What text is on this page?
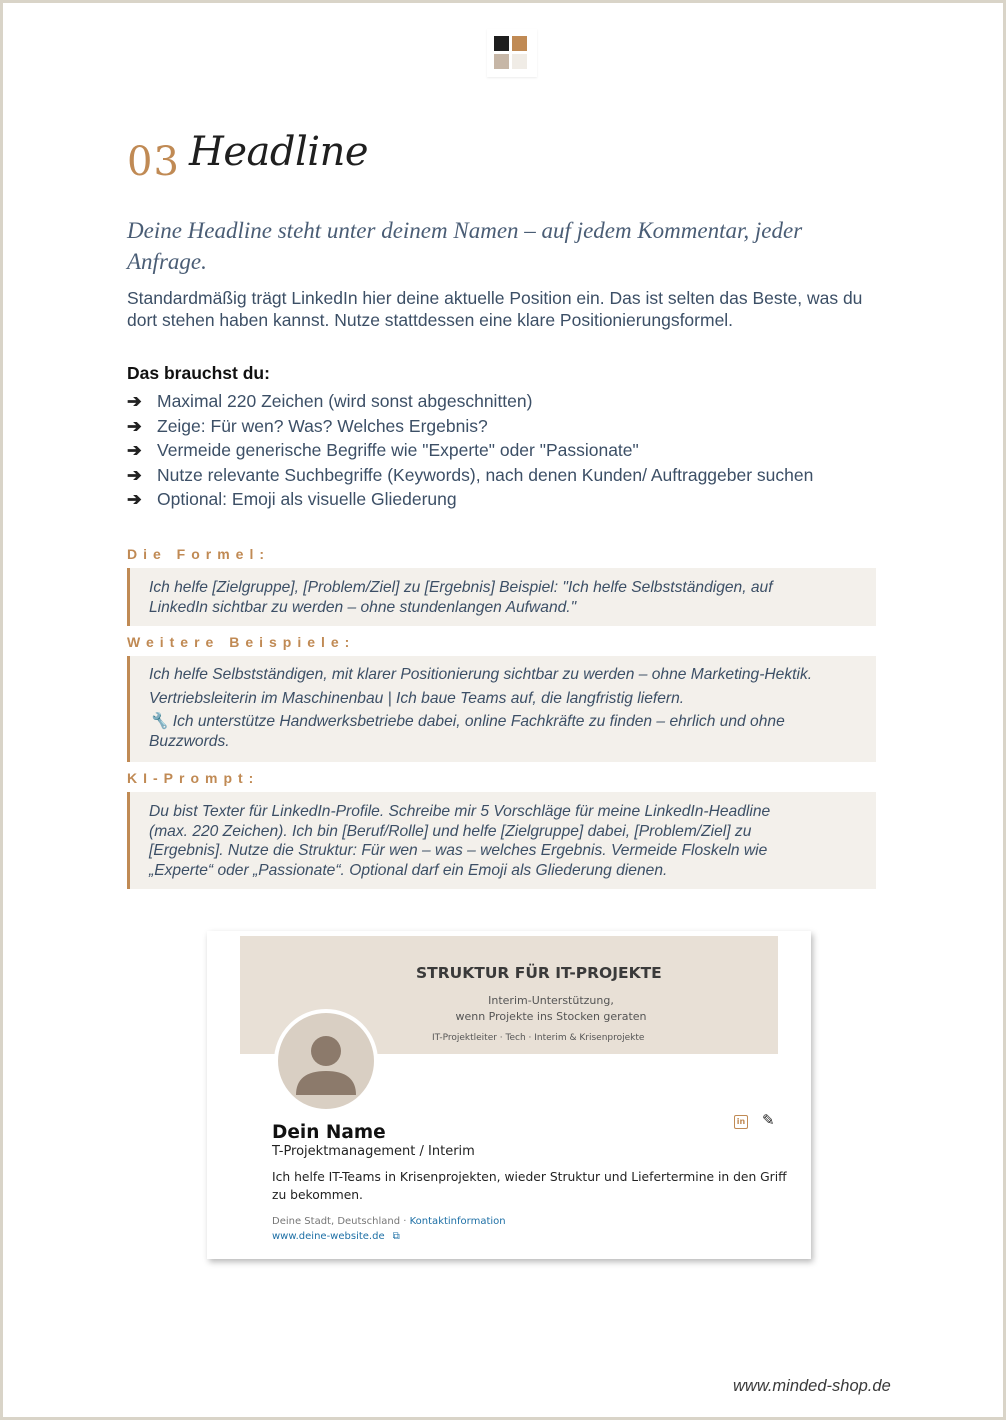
03 Headline
Deine Headline steht unter deinem Namen – auf jedem Kommentar, jeder Anfrage.
Standardmäßig trägt LinkedIn hier deine aktuelle Position ein. Das ist selten das Beste, was du dort stehen haben kannst. Nutze stattdessen eine klare Positionierungsformel.
Das brauchst du:
➔ Maximal 220 Zeichen (wird sonst abgeschnitten)
➔ Zeige: Für wen? Was? Welches Ergebnis?
➔ Vermeide generische Begriffe wie "Experte" oder "Passionate"
➔ Nutze relevante Suchbegriffe (Keywords), nach denen Kunden/ Auftraggeber suchen
➔ Optional: Emoji als visuelle Gliederung
Die Formel:
Ich helfe [Zielgruppe], [Problem/Ziel] zu [Ergebnis] Beispiel: "Ich helfe Selbstständigen, auf
LinkedIn sichtbar zu werden – ohne stundenlangen Aufwand."
Weitere Beispiele:
Ich helfe Selbstständigen, mit klarer Positionierung sichtbar zu werden – ohne Marketing-Hektik.
Vertriebsleiterin im Maschinenbau | Ich baue Teams auf, die langfristig liefern.
🔧 Ich unterstütze Handwerksbetriebe dabei, online Fachkräfte zu finden – ehrlich und ohne Buzzwords.
KI-Prompt:
Du bist Texter für LinkedIn-Profile. Schreibe mir 5 Vorschläge für meine LinkedIn-Headline
(max. 220 Zeichen). Ich bin [Beruf/Rolle] und helfe [Zielgruppe] dabei, [Problem/Ziel] zu
[Ergebnis]. Nutze die Struktur: Für wen – was – welches Ergebnis. Vermeide Floskeln wie
„Experte“ oder „Passionate“. Optional darf ein Emoji als Gliederung dienen.
STRUKTUR FÜR IT-PROJEKTE
Interim-Unterstützung,
wenn Projekte ins Stocken geraten
IT-Projektleiter · Tech · Interim & Krisenprojekte
in ✎
Dein Name
T-Projektmanagement / Interim
Ich helfe IT-Teams in Krisenprojekten, wieder Struktur und Liefertermine in den Griff zu bekommen.
Deine Stadt, Deutschland · Kontaktinformation
www.deine-website.de ⧉
www.minded-shop.de
